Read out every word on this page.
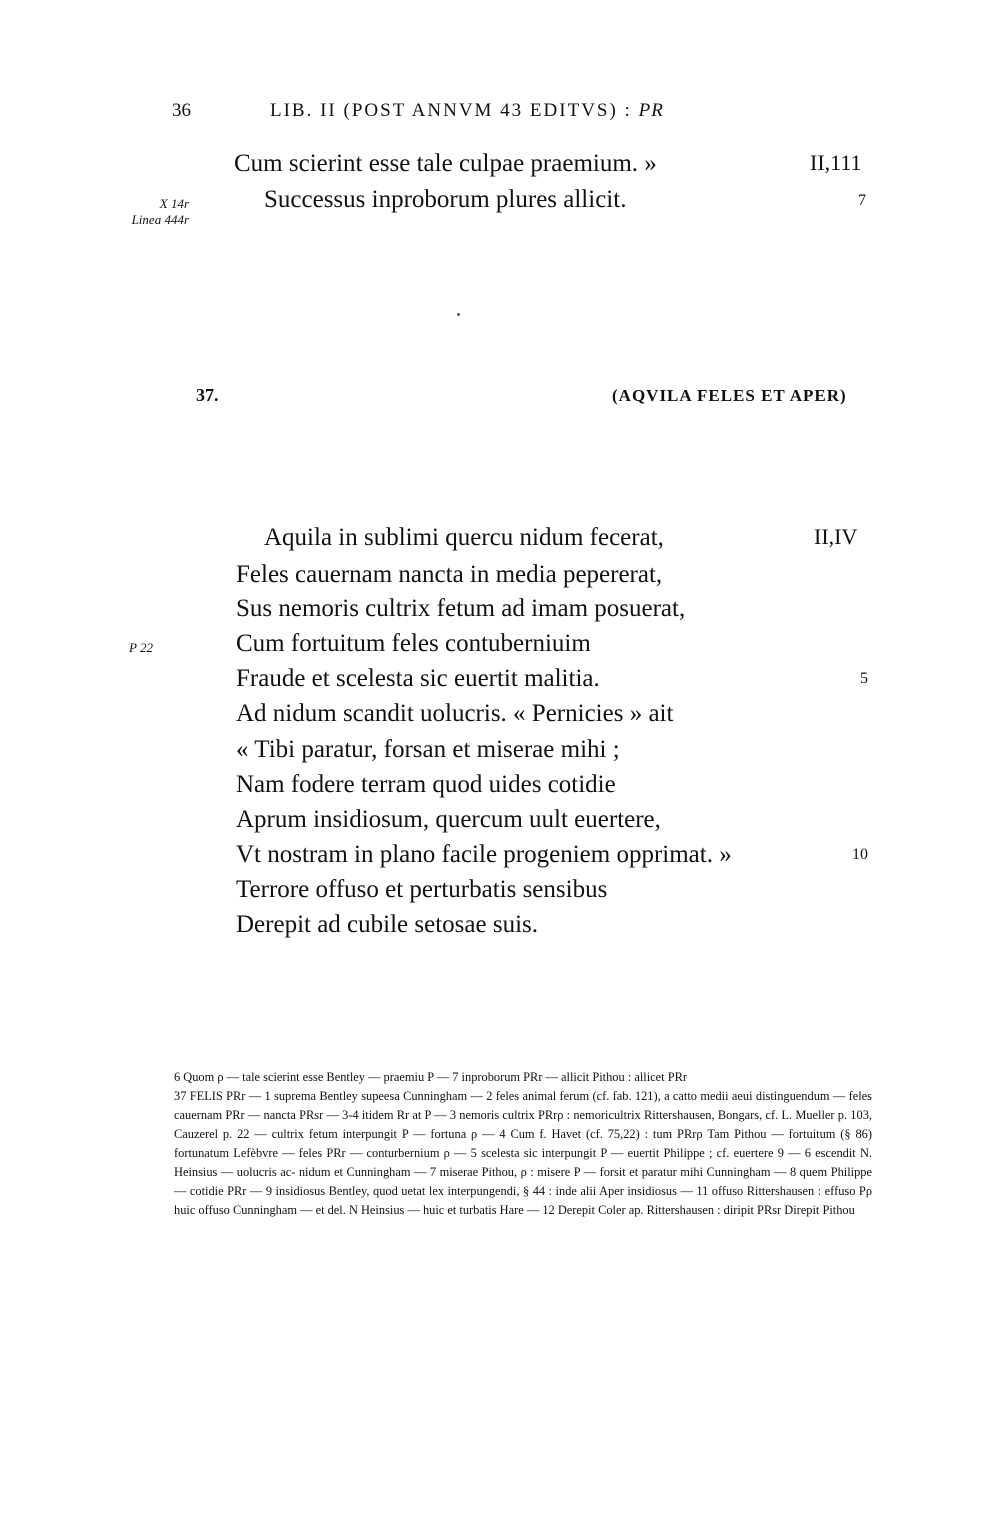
36	LIB. II (POST ANNVM 43 EDITVS) : PR
Cum scierint esse tale culpae praemium. »	II,111
X 14r
Linea 444r
Successus inproborum plures allicit.	7
37.	(AQVILA FELES ET APER)
Aquila in sublimi quercu nidum fecerat,	II,IV
Feles cauernam nancta in media pepererat,
Sus nemoris cultrix fetum ad imam posuerat,
P 22	Cum fortuitum feles contuberniuim
Fraude et scelesta sic euertit malitia.	5
Ad nidum scandit uolucris. « Pernicies » ait
« Tibi paratur, forsan et miserae mihi ;
Nam fodere terram quod uides cotidie
Aprum insidiosum, quercum uult euertere,
Vt nostram in plano facile progeniem opprimat. »	10
Terrore offuso et perturbatis sensibus
Derepit ad cubile setosae suis.

6 Quom ρ — tale scierint esse Bentley — praemiu P — 7 inproborum PRr — allicit Pithou : allicet PRr

37 FELIS PRr — 1 suprema Bentley supeesa Cunningham — 2 feles animal ferum (cf. fab. 121), a catto medii aeui distinguendum — feles cauernam PRr — nancta PRsr — 3-4 itidem Rr at P — 3 nemoris cultrix PRrρ : nemoricultrix Rittershausen, Bongars, cf. L. Mueller p. 103, Cauzerel p. 22 — cultrix fetum interpungit P — fortuna ρ — 4 Cum f. Havet (cf. 75,22) : tum PRrρ Tam Pithou — fortuitum (§ 86) fortunatum Lefèbvre — feles PRr — conturbernium ρ — 5 scelesta sic interpungit P — euertit Philippe ; cf. euertere 9 — 6 escendit N. Heinsius — uolucris ac- nidum et Cunningham — 7 miserae Pithou, ρ : misere P — forsit et paratur mihi Cunningham — 8 quem Philippe — cotidie PRr — 9 insidiosus Bentley, quod uetat lex interpungendi, § 44 : inde alii Aper insidiosus — 11 offuso Rittershausen : effuso Pρ huic offuso Cunningham — et del. N Heinsius — huic et turbatis Hare — 12 Derepit Coler ap. Rittershausen : diripit PRsr Direpit Pithou
